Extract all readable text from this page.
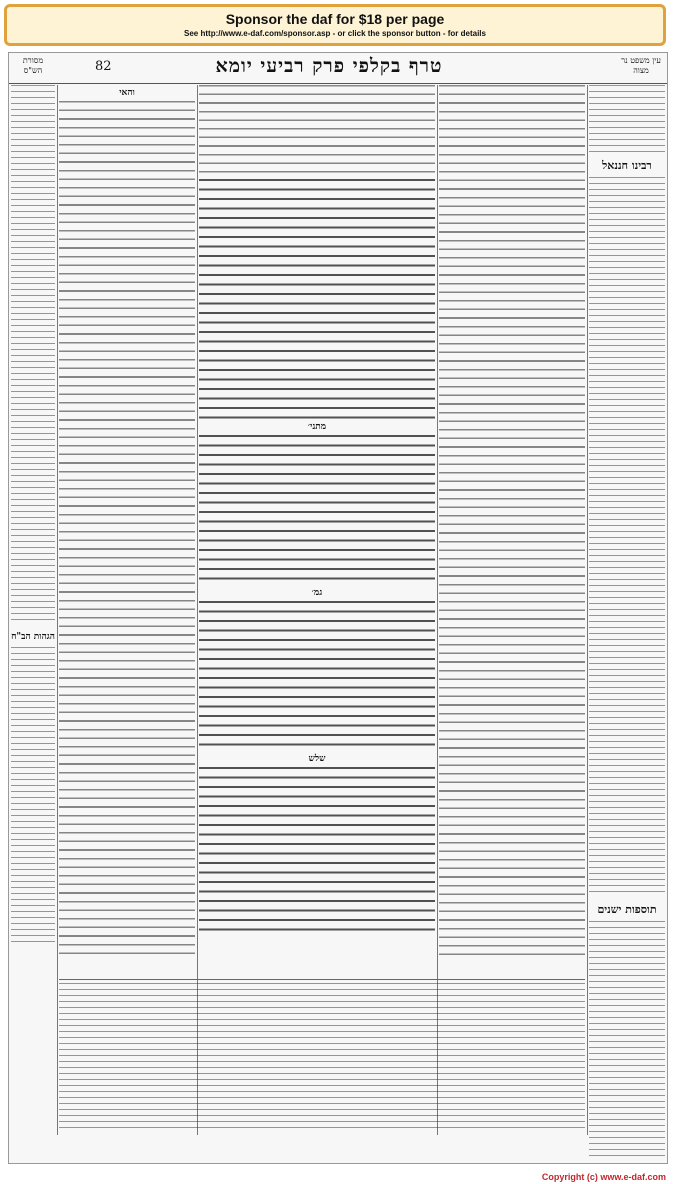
Sponsor the daf for $18 per page
See http://www.e-daf.com/sponsor.asp - or click the sponsor button - for details
מסורת הש"ס	82	טרף בקלפי פרק רביעי יומא	עין משפט נר מצוה
הגהות הב"ח
והאי
מתני׳
גמ׳
שלש
רבינו חננאל
תוספות ישנים
Copyright (c) www.e-daf.com
